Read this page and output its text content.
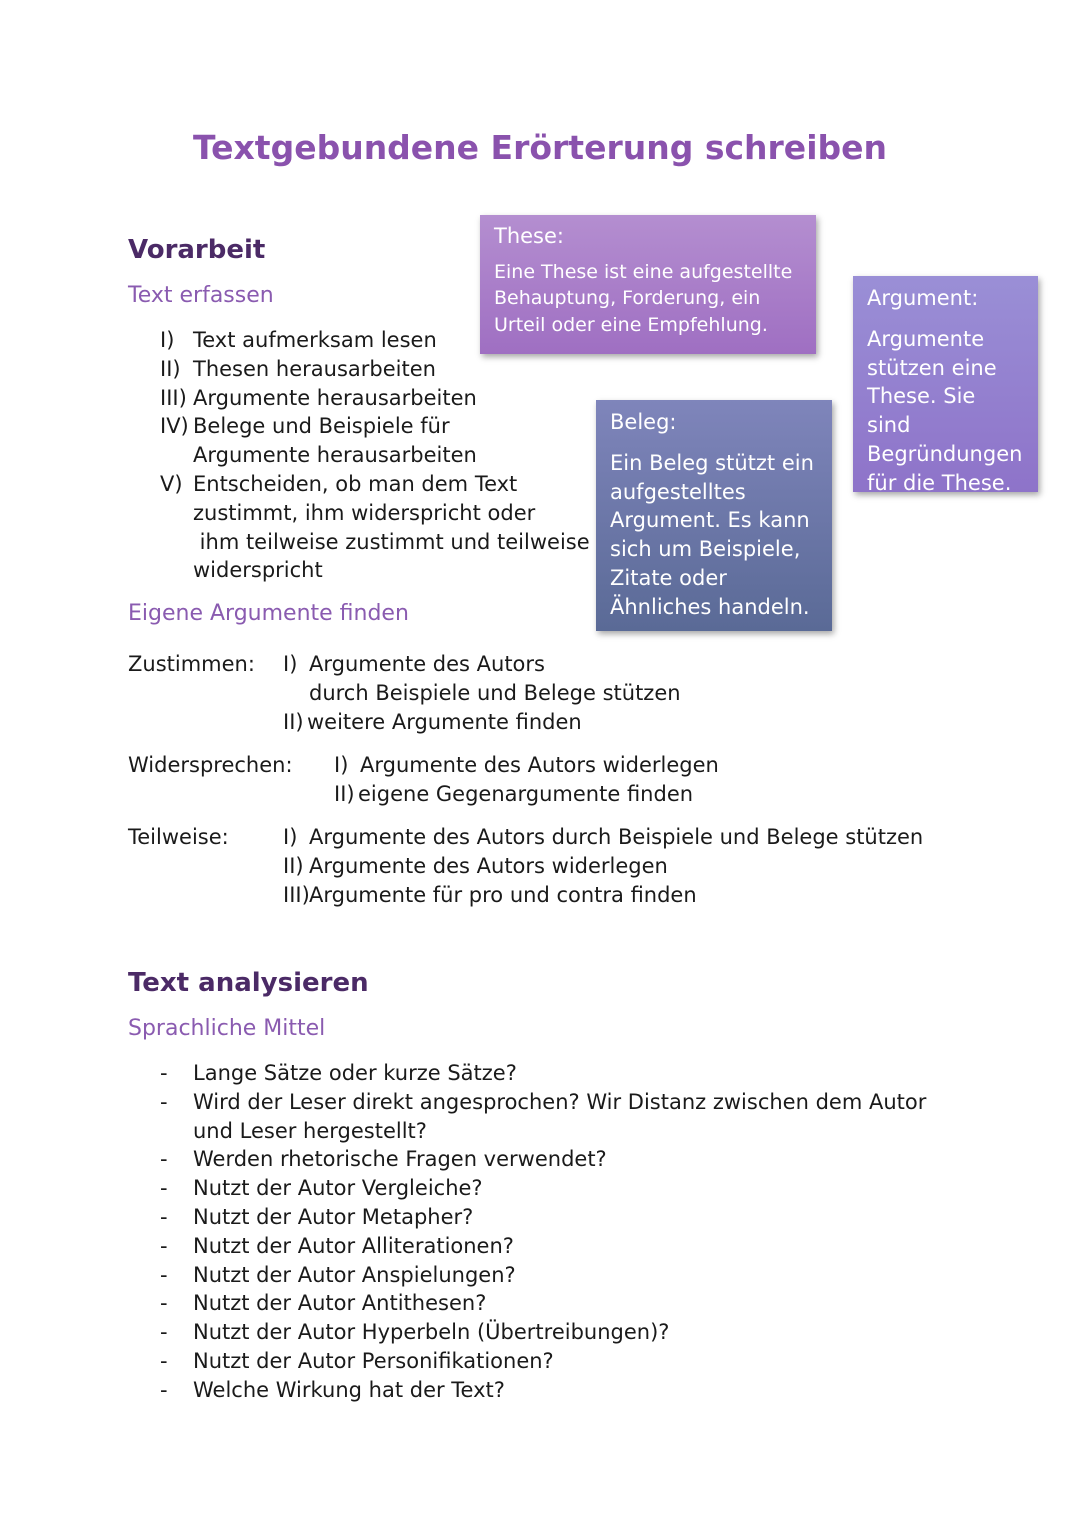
Textgebundene Erörterung schreiben
Vorarbeit
Text erfassen
I) Text aufmerksam lesen
II) Thesen herausarbeiten
III) Argumente herausarbeiten
IV) Belege und Beispiele für
Argumente herausarbeiten
V) Entscheiden, ob man dem Text
zustimmt, ihm widerspricht oder
ihm teilweise zustimmt und teilweise
widerspricht
Eigene Argumente finden
Zustimmen: I) Argumente des Autors
durch Beispiele und Belege stützen
II) weitere Argumente finden
Widersprechen: I) Argumente des Autors widerlegen
II) eigene Gegenargumente finden
Teilweise:	I) Argumente des Autors durch Beispiele und Belege stützen
II) Argumente des Autors widerlegen
III) Argumente für pro und contra finden
These:
Eine These ist eine aufgestellte
Behauptung, Forderung, ein
Urteil oder eine Empfehlung.
Argument:
Argumente
stützen eine
These. Sie sind
Begründungen
für die These.
Beleg:
Ein Beleg stützt ein
aufgestelltes
Argument. Es kann
sich um Beispiele,
Zitate oder
Ähnliches handeln.
Text analysieren
Sprachliche Mittel
- Lange Sätze oder kurze Sätze?
- Wird der Leser direkt angesprochen? Wir Distanz zwischen dem Autor
und Leser hergestellt?
- Werden rhetorische Fragen verwendet?
- Nutzt der Autor Vergleiche?
- Nutzt der Autor Metapher?
- Nutzt der Autor Alliterationen?
- Nutzt der Autor Anspielungen?
- Nutzt der Autor Antithesen?
- Nutzt der Autor Hyperbeln (Übertreibungen)?
- Nutzt der Autor Personifikationen?
- Welche Wirkung hat der Text?
